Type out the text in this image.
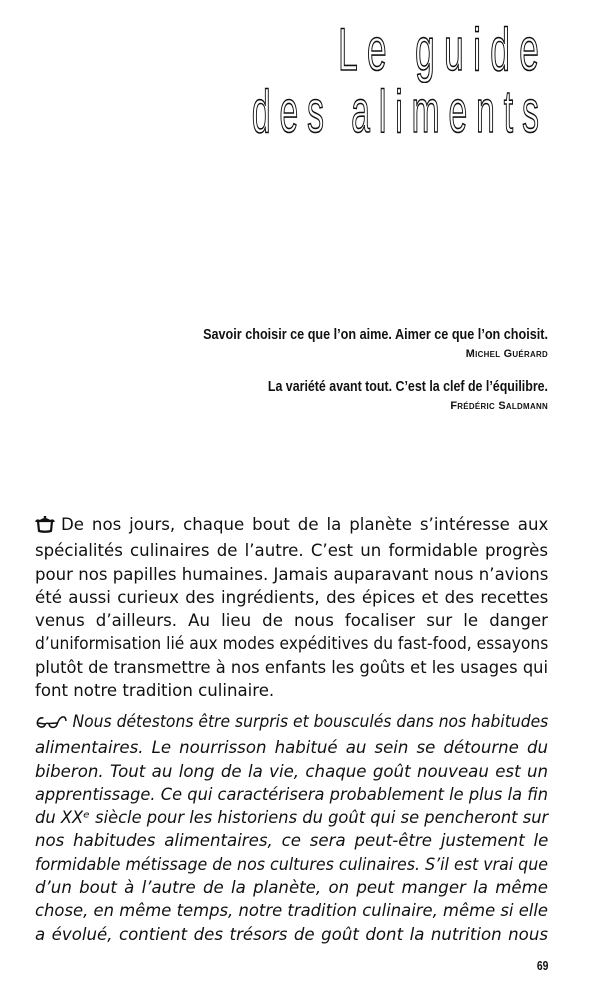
Le guide
des aliments

Savoir choisir ce que l’on aime. Aimer ce que l’on choisit.

Michel Guérard

La variété avant tout. C’est la clef de l’équilibre.

Frédéric Saldmann

De nos jours, chaque bout de la planète s’intéresse aux
spécialités culinaires de l’autre. C’est un formidable progrès
pour nos papilles humaines. Jamais auparavant nous n’avions
été aussi curieux des ingrédients, des épices et des recettes
venus d’ailleurs. Au lieu de nous focaliser sur le danger
d’uniformisation lié aux modes expéditives du fast-food, essayons
plutôt de transmettre à nos enfants les goûts et les usages qui
font notre tradition culinaire.
Nous détestons être surpris et bousculés dans nos habitudes
alimentaires. Le nourrisson habitué au sein se détourne du
biberon. Tout au long de la vie, chaque goût nouveau est un
apprentissage. Ce qui caractérisera probablement le plus la fin
du XXᵉ siècle pour les historiens du goût qui se pencheront sur
nos habitudes alimentaires, ce sera peut-être justement le
formidable métissage de nos cultures culinaires. S’il est vrai que
d’un bout à l’autre de la planète, on peut manger la même
chose, en même temps, notre tradition culinaire, même si elle
a évolué, contient des trésors de goût dont la nutrition nous
69
